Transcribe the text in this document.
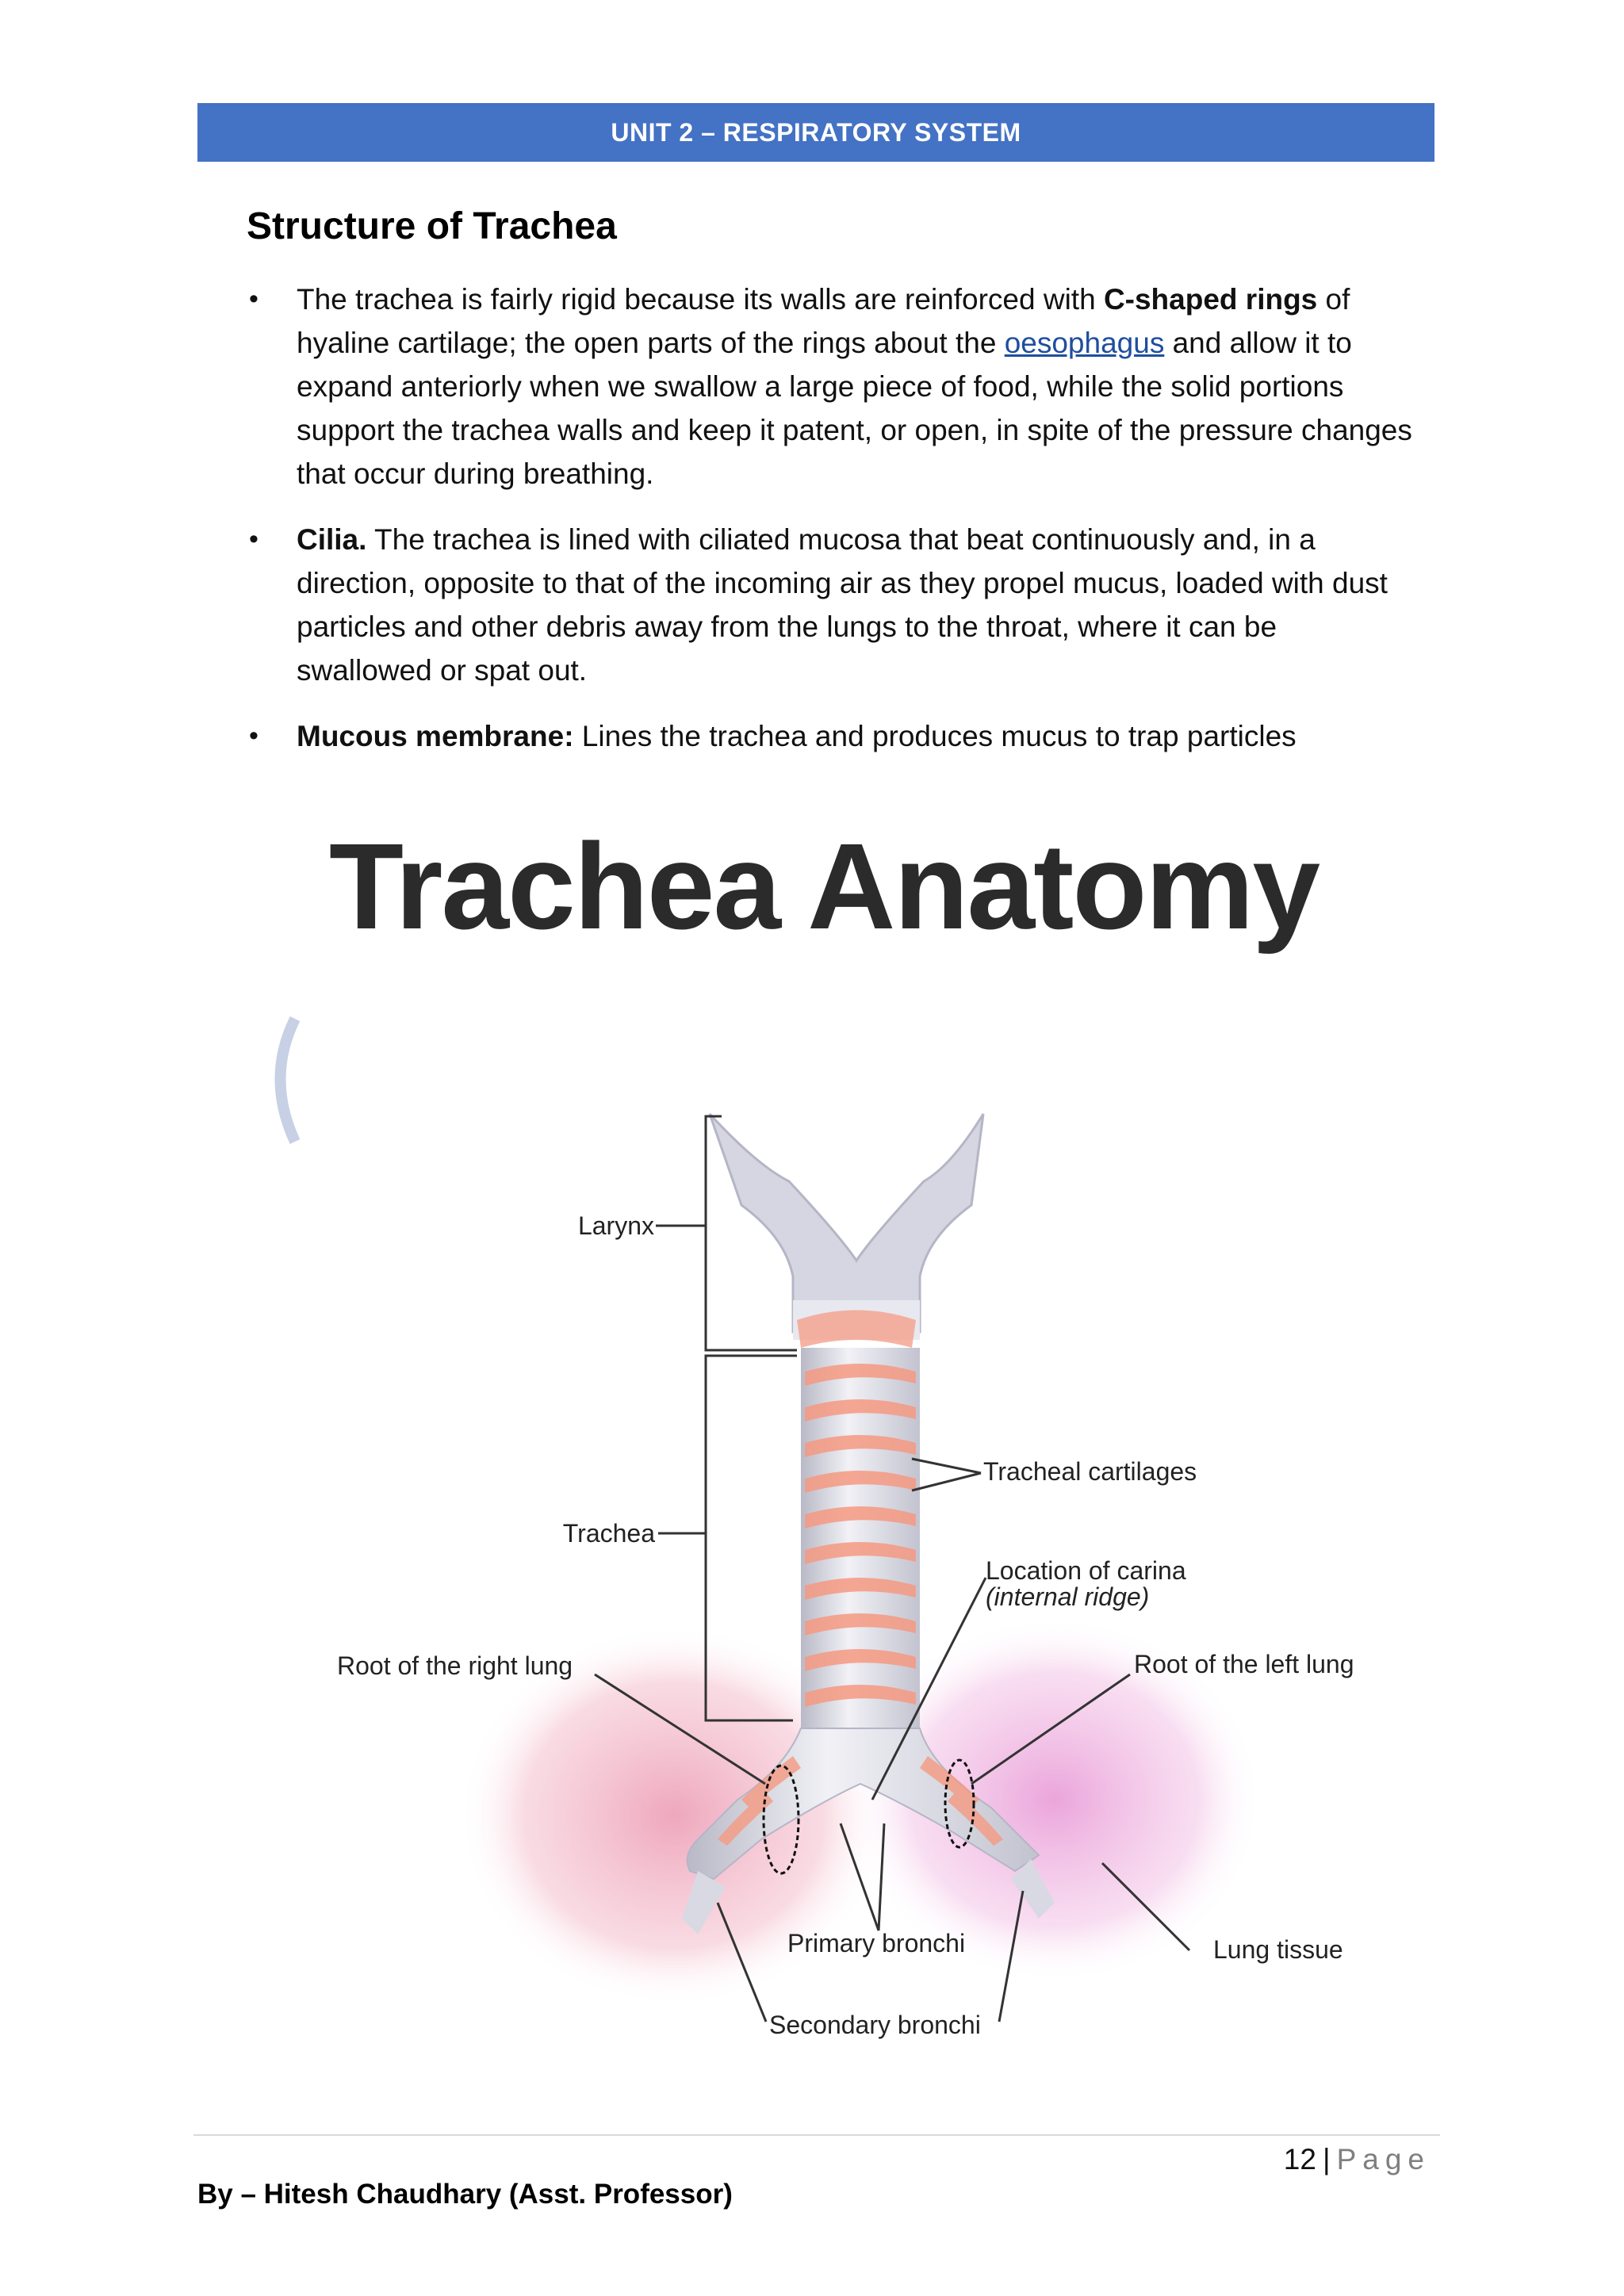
UNIT 2 – RESPIRATORY SYSTEM
Structure of Trachea
• The trachea is fairly rigid because its walls are reinforced with C-shaped rings of hyaline cartilage; the open parts of the rings about the oesophagus and allow it to expand anteriorly when we swallow a large piece of food, while the solid portions support the trachea walls and keep it patent, or open, in spite of the pressure changes that occur during breathing.
• Cilia. The trachea is lined with ciliated mucosa that beat continuously and, in a direction, opposite to that of the incoming air as they propel mucus, loaded with dust particles and other debris away from the lungs to the throat, where it can be swallowed or spat out.
• Mucous membrane: Lines the trachea and produces mucus to trap particles
Trachea Anatomy
Larynx
Trachea
Tracheal cartilages
Location of carina
(internal ridge)
Root of the right lung	Root of the left lung
Primary bronchi	Lung tissue
Secondary bronchi
12 | Page
By – Hitesh Chaudhary (Asst. Professor)
